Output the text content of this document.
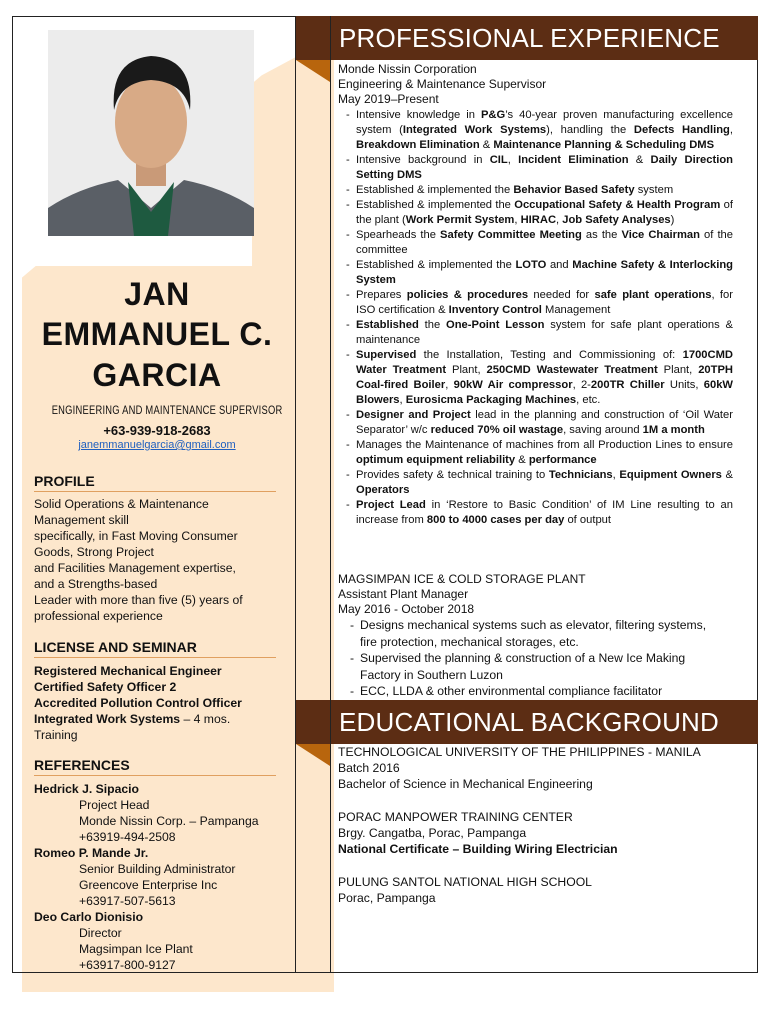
JAN
EMMANUEL C.
GARCIA
ENGINEERING AND MAINTENANCE SUPERVISOR
+63-939-918-2683
janemmanuelgarcia@gmail.com
PROFILE
Solid Operations & Maintenance
Management skill
specifically, in Fast Moving Consumer
Goods, Strong Project
and Facilities Management expertise,
and a Strengths-based
Leader with more than five (5) years of
professional experience
LICENSE AND SEMINAR
Registered Mechanical Engineer
Certified Safety Officer 2
Accredited Pollution Control Officer
Integrated Work Systems – 4 mos.
Training
REFERENCES
Hedrick J. Sipacio
Project Head
Monde Nissin Corp. – Pampanga
+63919-494-2508
Romeo P. Mande Jr.
Senior Building Administrator
Greencove Enterprise Inc
+63917-507-5613
Deo Carlo Dionisio
Director
Magsimpan Ice Plant
+63917-800-9127
PROFESSIONAL EXPERIENCE
Monde Nissin Corporation
Engineering & Maintenance Supervisor
May 2019–Present
- Intensive knowledge in P&G’s 40-year proven manufacturing excellence system (Integrated Work Systems), handling the Defects Handling, Breakdown Elimination & Maintenance Planning & Scheduling DMS
- Intensive background in CIL, Incident Elimination & Daily Direction Setting DMS
- Established & implemented the Behavior Based Safety system
- Established & implemented the Occupational Safety & Health Program of the plant (Work Permit System, HIRAC, Job Safety Analyses)
- Spearheads the Safety Committee Meeting as the Vice Chairman of the committee
- Established & implemented the LOTO and Machine Safety & Interlocking System
- Prepares policies & procedures needed for safe plant operations, for ISO certification & Inventory Control Management
- Established the One-Point Lesson system for safe plant operations & maintenance
- Supervised the Installation, Testing and Commissioning of: 1700CMD Water Treatment Plant, 250CMD Wastewater Treatment Plant, 20TPH Coal-fired Boiler, 90kW Air compressor, 2-200TR Chiller Units, 60kW Blowers, Eurosicma Packaging Machines, etc.
- Designer and Project lead in the planning and construction of ‘Oil Water Separator’ w/c reduced 70% oil wastage, saving around 1M a month
- Manages the Maintenance of machines from all Production Lines to ensure optimum equipment reliability & performance
- Provides safety & technical training to Technicians, Equipment Owners & Operators
- Project Lead in ‘Restore to Basic Condition’ of IM Line resulting to an increase from 800 to 4000 cases per day of output
MAGSIMPAN ICE & COLD STORAGE PLANT
Assistant Plant Manager
May 2016 - October 2018
- Designs mechanical systems such as elevator, filtering systems, fire protection, mechanical storages, etc.
- Supervised the planning & construction of a New Ice Making Factory in Southern Luzon
- ECC, LLDA & other environmental compliance facilitator
EDUCATIONAL BACKGROUND
TECHNOLOGICAL UNIVERSITY OF THE PHILIPPINES - MANILA
Batch 2016
Bachelor of Science in Mechanical Engineering
PORAC MANPOWER TRAINING CENTER
Brgy. Cangatba, Porac, Pampanga
National Certificate – Building Wiring Electrician
PULUNG SANTOL NATIONAL HIGH SCHOOL
Porac, Pampanga
